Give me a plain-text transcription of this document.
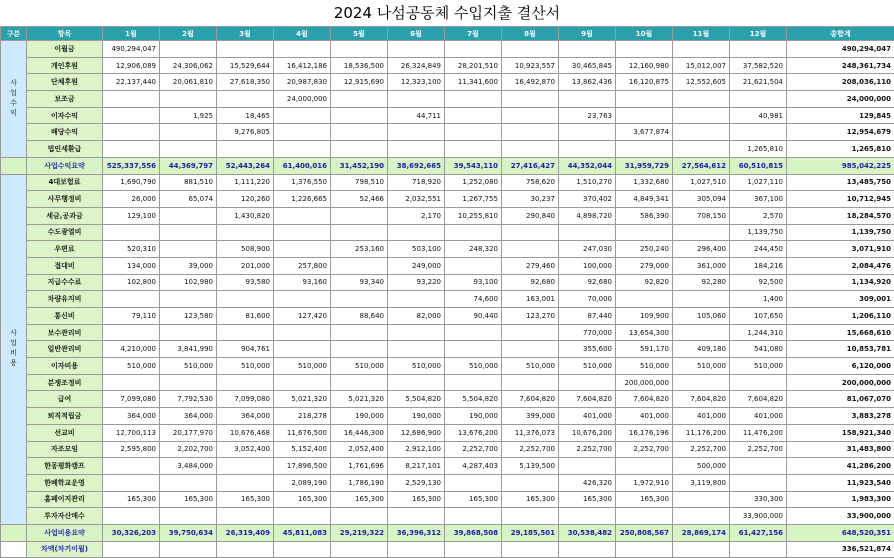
2024 나섬공동체 수입지출 결산서
구분	항목	1월	2월	3월	4월	5월	6월	7월	8월	9월	10월	11월	12월	총합계
사업수익	이월금	490,294,047												490,294,047
	개인후원	12,906,089	24,306,062	15,529,644	16,412,186	18,536,500	26,324,849	28,201,510	10,923,557	30,465,845	12,160,980	15,012,007	37,582,520	248,361,734
	단체후원	22,137,440	20,061,810	27,618,350	20,987,830	12,915,690	12,323,100	11,341,600	16,492,870	13,862,436	16,120,875	12,552,605	21,621,504	208,036,110
	보조금				24,000,000									24,000,000
	이자수익		1,925	18,465			44,711			23,763			40,981	129,845
	배당수익			9,276,805							3,677,874			12,954,679
	법인세환급												1,265,810	1,265,810
	사업수익요약	525,337,556	44,369,797	52,443,264	61,400,016	31,452,190	38,692,665	39,543,110	27,416,427	44,352,044	31,959,729	27,564,612	60,510,815	985,042,225
사업비용	4대보험료	1,690,790	881,510	1,111,220	1,376,550	798,510	718,920	1,252,080	758,620	1,510,270	1,332,680	1,027,510	1,027,110	13,485,750
	사무행정비	26,000	65,074	120,260	1,226,665	52,466	2,032,551	1,267,755	30,237	370,402	4,849,341	305,094	367,100	10,712,945
	세금,공과금	129,100		1,430,820			2,170	10,255,810	290,840	4,898,720	586,390	708,150	2,570	18,284,570
	수도광열비												1,139,750	1,139,750
	우편료	520,310		508,900		253,160	503,100	248,320		247,030	250,240	296,400	244,450	3,071,910
	접대비	134,000	39,000	201,000	257,800		249,000		279,460	100,000	279,000	361,000	184,216	2,084,476
	지급수수료	102,800	102,980	93,580	93,160	93,340	93,220	93,100	92,680	92,680	92,820	92,280	92,500	1,134,920
	차량유지비							74,600	163,001	70,000			1,400	309,001
	통신비	79,110	123,580	81,600	127,420	88,640	82,000	90,440	123,270	87,440	109,900	105,060	107,650	1,206,110
	보수관리비									770,000	13,654,300		1,244,310	15,668,610
	일반관리비	4,210,000	3,841,990	904,761						355,600	591,170	409,180	541,080	10,853,781
	이자비용	510,000	510,000	510,000	510,000	510,000	510,000	510,000	510,000	510,000	510,000	510,000	510,000	6,120,000
	분쟁조정비										200,000,000			200,000,000
	급여	7,099,080	7,792,530	7,099,080	5,021,320	5,021,320	5,504,820	5,504,820	7,604,820	7,604,820	7,604,820	7,604,820	7,604,820	81,067,070
	퇴직적립금	364,000	364,000	364,000	218,278	190,000	190,000	190,000	399,000	401,000	401,000	401,000	401,000	3,883,278
	선교비	12,700,113	20,177,970	10,676,468	11,676,500	16,446,300	12,686,900	13,676,200	11,376,073	10,676,200	16,176,196	11,176,200	11,476,200	158,921,340
	자조모임	2,595,800	2,202,700	3,052,400	5,152,400	2,052,400	2,912,100	2,252,700	2,252,700	2,252,700	2,252,700	2,252,700	2,252,700	31,483,800
	한몽평화캠프		3,484,000		17,896,500	1,761,696	8,217,101	4,287,403	5,139,500			500,000		41,286,200
	한베학교운영				2,089,190	1,786,190	2,529,130			426,320	1,972,910	3,119,800		11,923,540
	홈페이지관리	165,300	165,300	165,300	165,300	165,300	165,300	165,300	165,300	165,300	165,300		330,300	1,983,300
	투자자산매수												33,900,000	33,900,000
	사업비용요약	30,326,203	39,750,634	26,319,409	45,811,083	29,219,322	36,396,312	39,868,508	29,185,501	30,538,482	250,808,567	28,869,174	61,427,156	648,520,351
	차액(차기이월)													336,521,874
